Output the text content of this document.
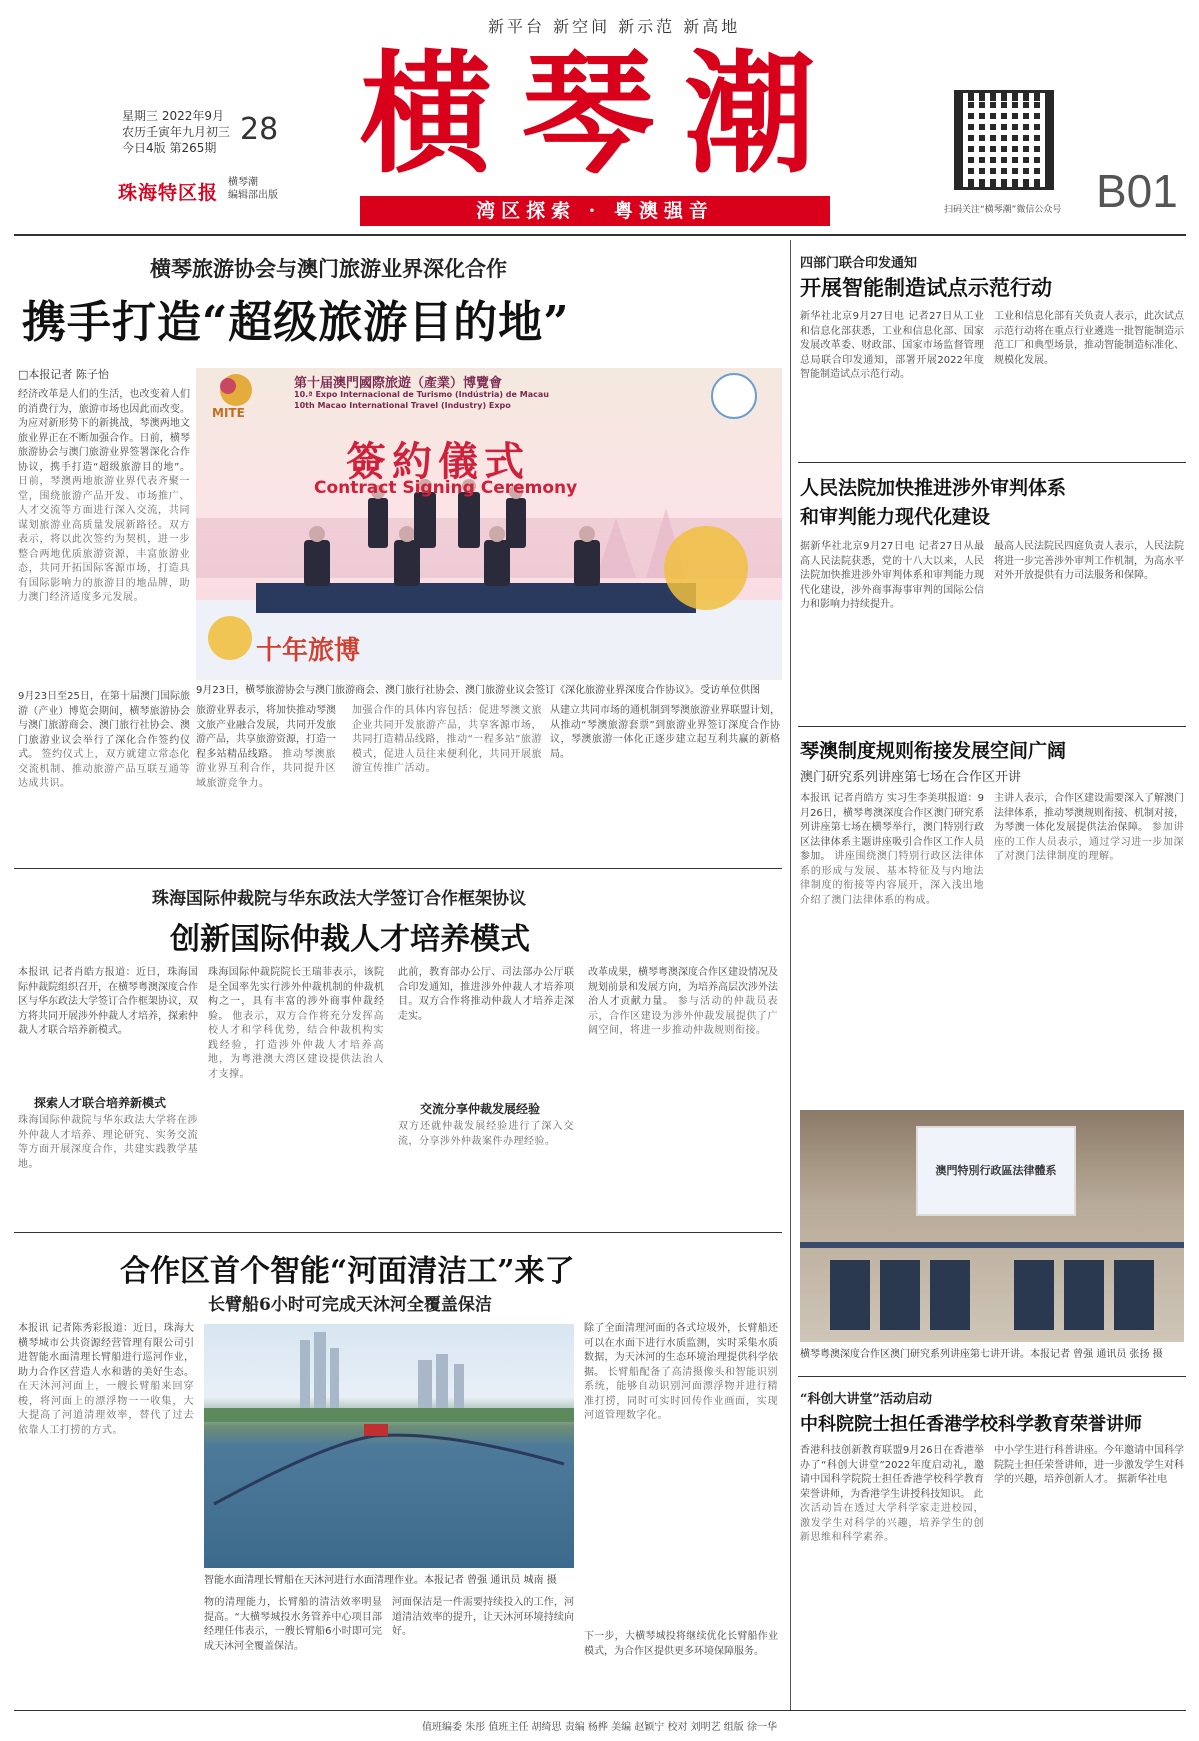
新平台 新空间 新示范 新高地
横琴潮
星期三 2022年9月
农历壬寅年九月初三
今日4版 第265期
28
珠海特区报 横琴潮
编辑部出版
湾区探索 · 粤澳强音	扫码关注“横琴潮”微信公众号 B01
横琴旅游协会与澳门旅游业界深化合作
携手打造“超级旅游目的地”
□本报记者 陈子怡
经济改革是人们的生活，也改变着人们的消费行为，旅游市场也因此而改变。为应对新形势下的新挑战，琴澳两地文旅业界正在不断加强合作。日前，横琴旅游协会与澳门旅游业界签署深化合作协议，携手打造“超级旅游目的地”。 日前，琴澳两地旅游业界代表齐聚一堂，围绕旅游产品开发、市场推广、人才交流等方面进行深入交流，共同谋划旅游业高质量发展新路径。双方表示，将以此次签约为契机，进一步整合两地优质旅游资源，丰富旅游业态，共同开拓国际客源市场，打造具有国际影响力的旅游目的地品牌，助力澳门经济适度多元发展。
第十届澳門國際旅遊（產業）博覽會
10.ª Expo Internacional de Turismo (Indústria) de Macau
10th Macao International Travel (Industry) Expo
MITE
簽約儀式
Contract Signing Ceremony
十年旅博
9月23日，横琴旅游协会与澳门旅游商会、澳门旅行社协会、澳门旅游业议会签订《深化旅游业界深度合作协议》。受访单位供图
9月23日至25日，在第十届澳门国际旅游（产业）博览会期间，横琴旅游协会与澳门旅游商会、澳门旅行社协会、澳门旅游业议会举行了深化合作签约仪式。 签约仪式上，双方就建立常态化交流机制、推动旅游产品互联互通等达成共识。
旅游业界表示，将加快推动琴澳文旅产业融合发展，共同开发旅游产品，共享旅游资源，打造一程多站精品线路。 推动琴澳旅游业界互利合作，共同提升区域旅游竞争力。
加强合作的具体内容包括：促进琴澳文旅企业共同开发旅游产品，共享客源市场，共同打造精品线路，推动“一程多站”旅游模式，促进人员往来便利化，共同开展旅游宣传推广活动。
从建立共同市场的通机制到琴澳旅游业界联盟计划，从推动“琴澳旅游套票”到旅游业界签订深度合作协议，琴澳旅游一体化正逐步建立起互利共赢的新格局。
珠海国际仲裁院与华东政法大学签订合作框架协议
创新国际仲裁人才培养模式
本报讯 记者肖皓方报道：近日，珠海国际仲裁院组织召开，在横琴粤澳深度合作区与华东政法大学签订合作框架协议，双方将共同开展涉外仲裁人才培养，探索仲裁人才联合培养新模式。
探索人才联合培养新模式
珠海国际仲裁院与华东政法大学将在涉外仲裁人才培养、理论研究、实务交流等方面开展深度合作，共建实践教学基地。
珠海国际仲裁院院长王瑞菲表示，该院是全国率先实行涉外仲裁机制的仲裁机构之一，具有丰富的涉外商事仲裁经验。 他表示，双方合作将充分发挥高校人才和学科优势，结合仲裁机构实践经验，打造涉外仲裁人才培养高地，为粤港澳大湾区建设提供法治人才支撑。
此前，教育部办公厅、司法部办公厅联合印发通知，推进涉外仲裁人才培养项目。双方合作将推动仲裁人才培养走深走实。
交流分享仲裁发展经验
双方还就仲裁发展经验进行了深入交流，分享涉外仲裁案件办理经验。
改革成果，横琴粤澳深度合作区建设情况及规划前景和发展方向，为培养高层次涉外法治人才贡献力量。 参与活动的仲裁员表示，合作区建设为涉外仲裁发展提供了广阔空间，将进一步推动仲裁规则衔接。
合作区首个智能“河面清洁工”来了
长臂船6小时可完成天沐河全覆盖保洁
本报讯 记者陈秀彩报道：近日，珠海大横琴城市公共资源经营管理有限公司引进智能水面清理长臂船进行巡河作业，助力合作区营造人水和谐的美好生态。 在天沐河河面上，一艘长臂船来回穿梭，将河面上的漂浮物一一收集，大大提高了河道清理效率，替代了过去依靠人工打捞的方式。
智能水面清理长臂船在天沐河进行水面清理作业。本报记者 曾强 通讯员 城南 摄
除了全面清理河面的各式垃圾外，长臂船还可以在水面下进行水质监测，实时采集水质数据，为天沐河的生态环境治理提供科学依据。 长臂船配备了高清摄像头和智能识别系统，能够自动识别河面漂浮物并进行精准打捞，同时可实时回传作业画面，实现河道管理数字化。
物的清理能力，长臂船的清洁效率明显提高。“大横琴城投水务管养中心项目部经理任伟表示，一艘长臂船6小时即可完成天沐河全覆盖保洁。
河面保洁是一件需要持续投入的工作，河道清洁效率的提升，让天沐河环境持续向好。	下一步，大横琴城投将继续优化长臂船作业模式，为合作区提供更多环境保障服务。
四部门联合印发通知
开展智能制造试点示范行动
新华社北京9月27日电 记者27日从工业和信息化部获悉，工业和信息化部、国家发展改革委、财政部、国家市场监督管理总局联合印发通知，部署开展2022年度智能制造试点示范行动。
工业和信息化部有关负责人表示，此次试点示范行动将在重点行业遴选一批智能制造示范工厂和典型场景，推动智能制造标准化、规模化发展。
人民法院加快推进涉外审判体系
和审判能力现代化建设
据新华社北京9月27日电 记者27日从最高人民法院获悉，党的十八大以来，人民法院加快推进涉外审判体系和审判能力现代化建设，涉外商事海事审判的国际公信力和影响力持续提升。
最高人民法院民四庭负责人表示，人民法院将进一步完善涉外审判工作机制，为高水平对外开放提供有力司法服务和保障。
琴澳制度规则衔接发展空间广阔
澳门研究系列讲座第七场在合作区开讲
本报讯 记者肖皓方 实习生李美琪报道：9月26日，横琴粤澳深度合作区澳门研究系列讲座第七场在横琴举行，澳门特别行政区法律体系主题讲座吸引合作区工作人员参加。 讲座围绕澳门特别行政区法律体系的形成与发展、基本特征及与内地法律制度的衔接等内容展开，深入浅出地介绍了澳门法律体系的构成。
主讲人表示，合作区建设需要深入了解澳门法律体系，推动琴澳规则衔接、机制对接，为琴澳一体化发展提供法治保障。 参加讲座的工作人员表示，通过学习进一步加深了对澳门法律制度的理解。
澳門特別行政區法律體系
横琴粤澳深度合作区澳门研究系列讲座第七讲开讲。本报记者 曾强 通讯员 张扬 摄
“科创大讲堂”活动启动
中科院院士担任香港学校科学教育荣誉讲师
香港科技创新教育联盟9月26日在香港举办了“科创大讲堂”2022年度启动礼，邀请中国科学院院士担任香港学校科学教育荣誉讲师，为香港学生讲授科技知识。 此次活动旨在透过大学科学家走进校园，激发学生对科学的兴趣，培养学生的创新思维和科学素养。
中小学生进行科普讲座。今年邀请中国科学院院士担任荣誉讲师，进一步激发学生对科学的兴趣，培养创新人才。 据新华社电
值班编委 朱彤 值班主任 胡绮思 责编 杨桦 美编 赵颖宁 校对 刘明艺 组版 徐一华
